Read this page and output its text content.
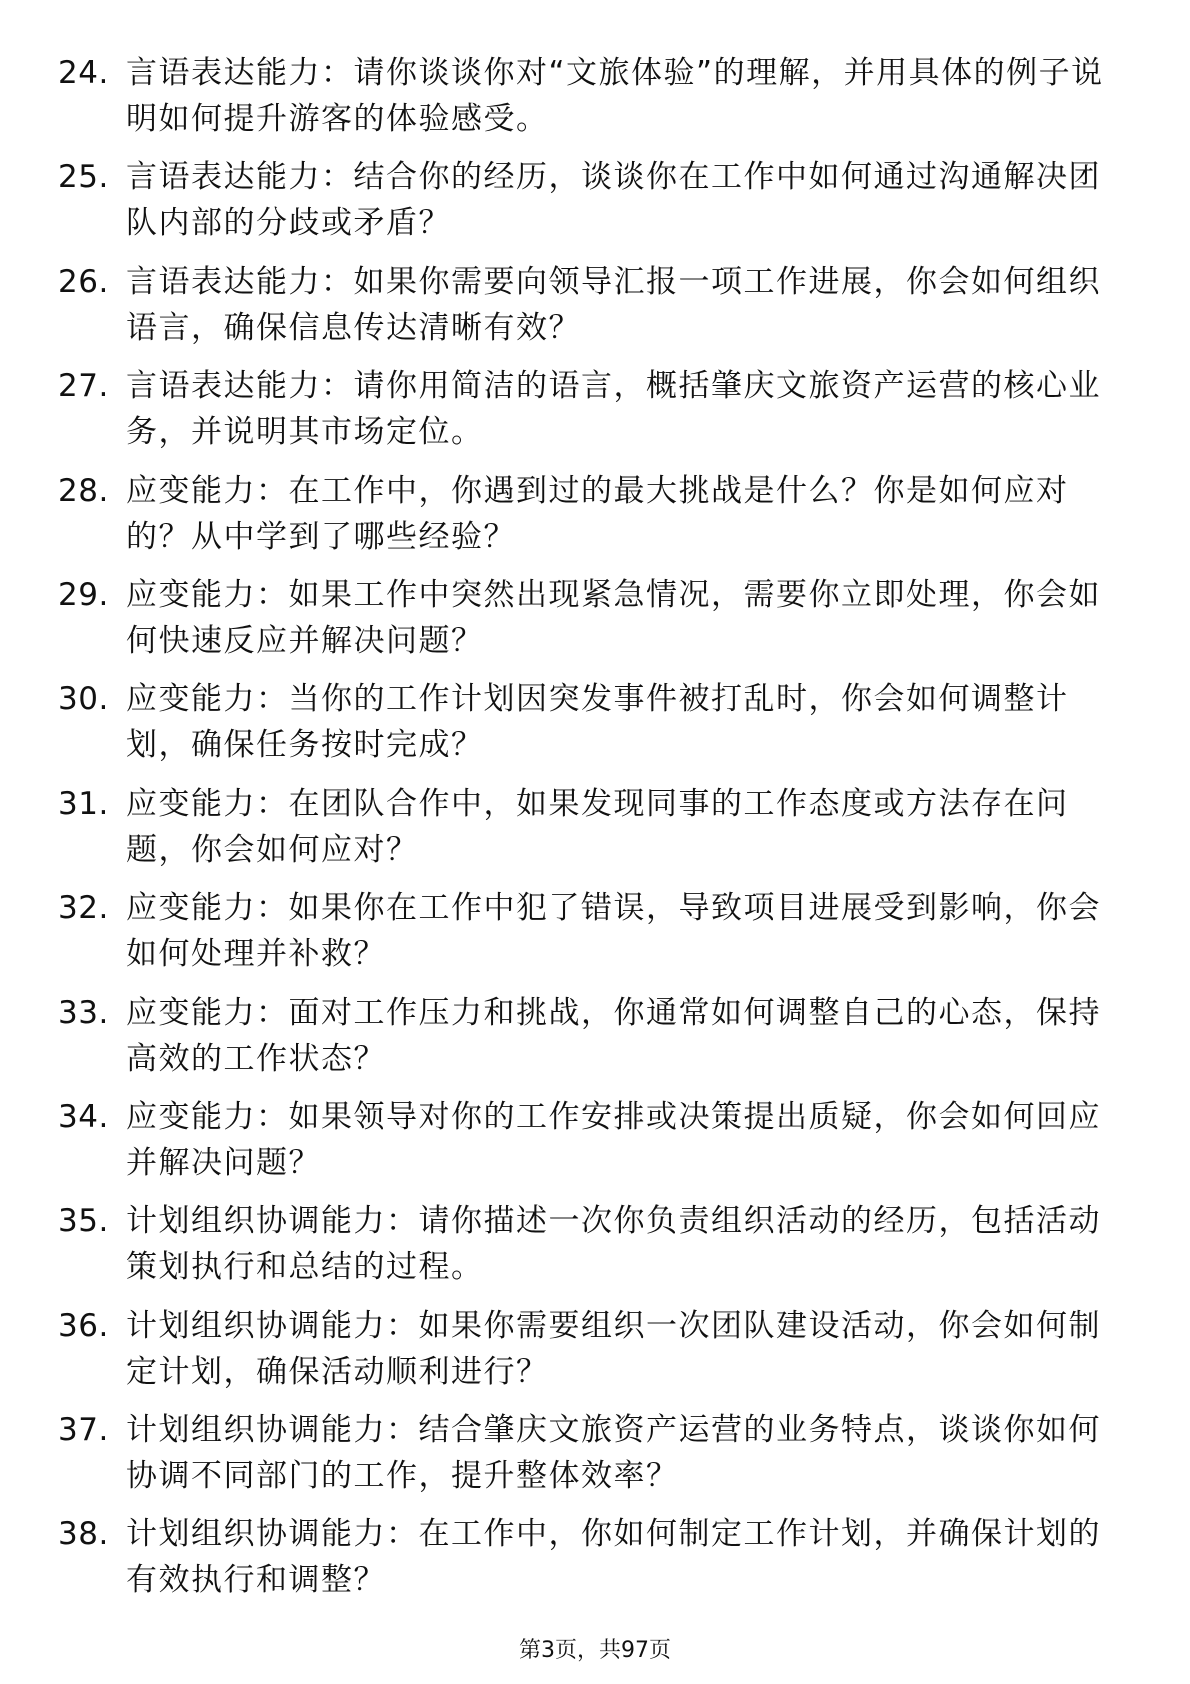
24. 言语表达能力：请你谈谈你对“文旅体验”的理解，并用具体的例子说明如何提升游客的体验感受。
25. 言语表达能力：结合你的经历，谈谈你在工作中如何通过沟通解决团队内部的分歧或矛盾？
26. 言语表达能力：如果你需要向领导汇报一项工作进展，你会如何组织语言，确保信息传达清晰有效？
27. 言语表达能力：请你用简洁的语言，概括肇庆文旅资产运营的核心业务，并说明其市场定位。
28. 应变能力：在工作中，你遇到过的最大挑战是什么？你是如何应对的？从中学到了哪些经验？
29. 应变能力：如果工作中突然出现紧急情况，需要你立即处理，你会如何快速反应并解决问题？
30. 应变能力：当你的工作计划因突发事件被打乱时，你会如何调整计划，确保任务按时完成？
31. 应变能力：在团队合作中，如果发现同事的工作态度或方法存在问题，你会如何应对？
32. 应变能力：如果你在工作中犯了错误，导致项目进展受到影响，你会如何处理并补救？
33. 应变能力：面对工作压力和挑战，你通常如何调整自己的心态，保持高效的工作状态？
34. 应变能力：如果领导对你的工作安排或决策提出质疑，你会如何回应并解决问题？
35. 计划组织协调能力：请你描述一次你负责组织活动的经历，包括活动策划执行和总结的过程。
36. 计划组织协调能力：如果你需要组织一次团队建设活动，你会如何制定计划，确保活动顺利进行？
37. 计划组织协调能力：结合肇庆文旅资产运营的业务特点，谈谈你如何协调不同部门的工作，提升整体效率？
38. 计划组织协调能力：在工作中，你如何制定工作计划，并确保计划的有效执行和调整？
第3页，共97页
